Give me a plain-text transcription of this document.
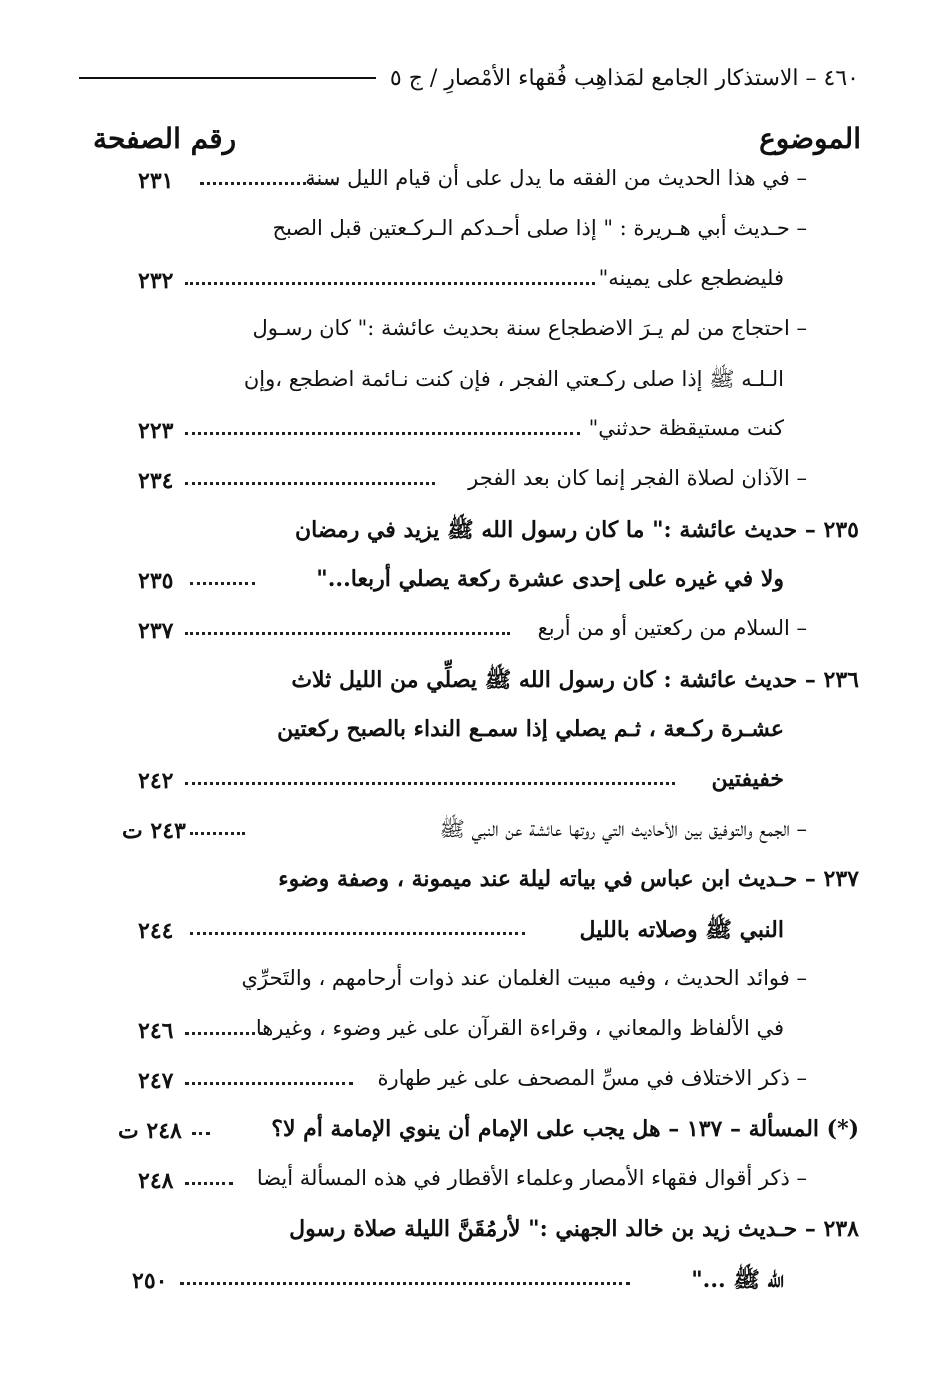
٤٦٠ – الاستذكار الجامع لمَذاهِب فُقهاء الأمْصارِ / ج ٥
الموضوع
رقم الصفحة
– في هذا الحديث من الفقه ما يدل على أن قيام الليل سنة
٢٣١
– حـديث أبي هـريرة : " إذا صلى أحـدكم الـركـعتين قبل الصبح
فليضطجع على يمينه"
٢٣٢
– احتجاج من لم يـرَ الاضطجاع سنة بحديث عائشة :" كان رسـول
الـلـه ﷺ إذا صلى ركـعتي الفجر ، فإن كنت نـائمة اضطجع ،وإن
كنت مستيقظة حدثني"
٢٢٣
– الآذان لصلاة الفجر إنما كان بعد الفجر
٢٣٤
٢٣٥ – حديث عائشة :" ما كان رسول الله ﷺ يزيد في رمضان
ولا في غيره على إحدى عشرة ركعة يصلي أربعا..."
٢٣٥
– السلام من ركعتين أو من أربع
٢٣٧
٢٣٦ – حديث عائشة : كان رسول الله ﷺ يصلِّي من الليل ثلاث
عشـرة ركـعة ، ثـم يصلي إذا سمـع النداء بالصبح ركعتين
خفيفتين
٢٤٢
– الجمع والتوفيق بين الأحاديث التي روتها عائشة عن النبي ﷺ
٢٤٣ ت
٢٣٧ – حـديث ابن عباس في بياته ليلة عند ميمونة ، وصفة وضوء
النبي ﷺ وصلاته بالليل
٢٤٤
– فوائد الحديث ، وفيه مبيت الغلمان عند ذوات أرحامهم ، والتَحرِّي
في الألفاظ والمعاني ، وقراءة القرآن على غير وضوء ، وغيرها
٢٤٦
– ذكر الاختلاف في مسِّ المصحف على غير طهارة
٢٤٧
(*) المسألة – ١٣٧ – هل يجب على الإمام أن ينوي الإمامة أم لا؟
٢٤٨ ت
– ذكر أقوال فقهاء الأمصار وعلماء الأقطار في هذه المسألة أيضا
٢٤٨
٢٣٨ – حـديث زيد بن خالد الجهني :" لأرمُقَنَّ الليلة صلاة رسول
الله ﷺ ..."
٢٥٠
